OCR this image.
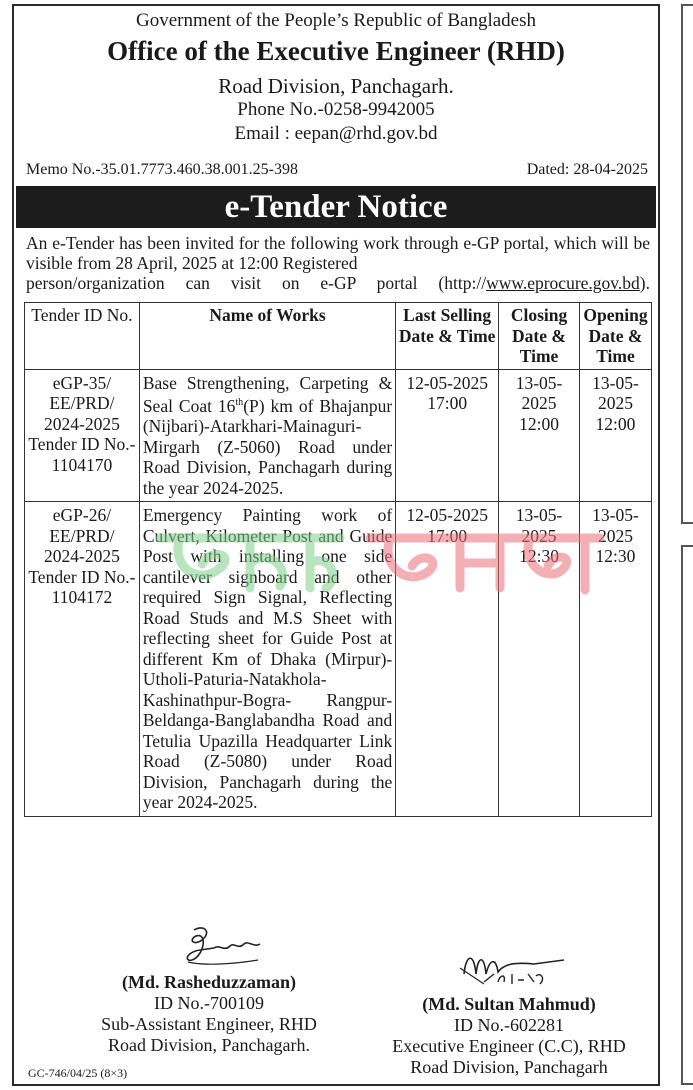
Government of the People’s Republic of Bangladesh
Office of the Executive Engineer (RHD)
Road Division, Panchagarh.
Phone No.-0258-9942005
Email : eepan@rhd.gov.bd
Memo No.-35.01.7773.460.38.001.25-398	Dated: 28-04-2025
e-Tender Notice
An e-Tender has been invited for the following work through e-GP portal, which will be visible from 28 April, 2025 at 12:00 Registered
person/organization can visit on e-GP portal (http://www.eprocure.gov.bd).
Tender ID No.	Name of Works	Last Selling Date & Time	Closing Date & Time	Opening Date & Time
eGP-35/ EE/PRD/ 2024-2025 Tender ID No.- 1104170	Base Strengthening, Carpeting & Seal Coat 16th(P) km of Bhajanpur (Nijbari)-Atarkhari-Mainaguri-Mirgarh (Z-5060) Road under Road Division, Panchagarh during the year 2024-2025.	12-05-2025 17:00	13-05-2025 12:00	13-05-2025 12:00
eGP-26/ EE/PRD/ 2024-2025 Tender ID No.- 1104172	Emergency Painting work of Culvert, Kilometer Post and Guide Post with installing one side cantilever signboard and other required Sign Signal, Reflecting Road Studs and M.S Sheet with reflecting sheet for Guide Post at different Km of Dhaka (Mirpur)-Utholi-Paturia-Natakhola-Kashinathpur-Bogra- Rangpur-Beldanga-Banglabandha Road and Tetulia Upazilla Headquarter Link Road (Z-5080) under Road Division, Panchagarh during the year 2024-2025.	12-05-2025 17:00	13-05-2025 12:30	13-05-2025 12:30
(Md. Rasheduzzaman)
ID No.-700109
Sub-Assistant Engineer, RHD
Road Division, Panchagarh.
(Md. Sultan Mahmud)
ID No.-602281
Executive Engineer (C.C), RHD
Road Division, Panchagarh
GC-746/04/25 (8×3)
